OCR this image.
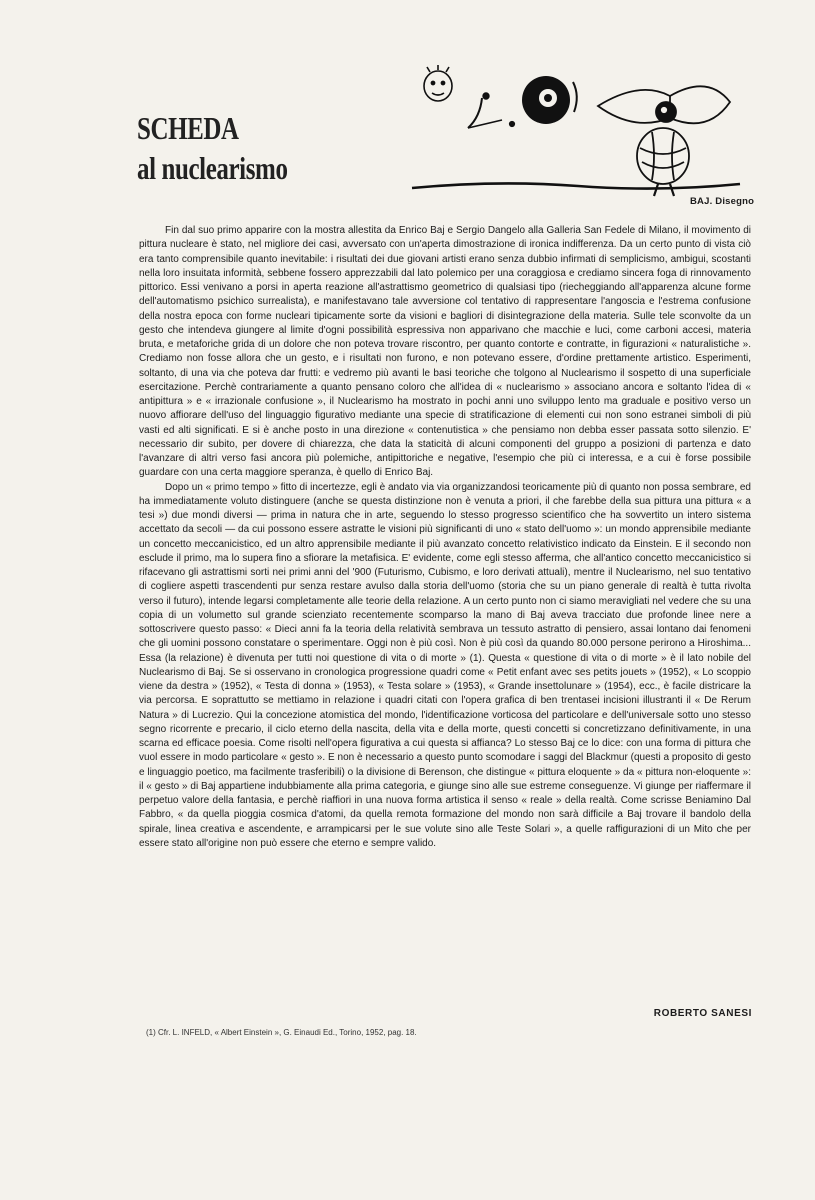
SCHEDA
al nuclearismo
BAJ. Disegno

Fin dal suo primo apparire con la mostra allestita da Enrico Baj e Sergio Dangelo alla Galleria San Fedele di Milano, il movimento di pittura nucleare è stato, nel migliore dei casi, avversato con un'aperta dimostrazione di ironica indifferenza. Da un certo punto di vista ciò era tanto comprensibile quanto inevitabile: i risultati dei due giovani artisti erano senza dubbio infirmati di semplicismo, ambigui, scostanti nella loro insuitata informità, sebbene fossero apprezzabili dal lato polemico per una coraggiosa e crediamo sincera foga di rinnovamento pittorico. Essi venivano a porsi in aperta reazione all'astrattismo geometrico di qualsiasi tipo (riecheggiando all'apparenza alcune forme dell'automatismo psichico surrealista), e manifestavano tale avversione col tentativo di rappresentare l'angoscia e l'estrema confusione della nostra epoca con forme nucleari tipicamente sorte da visioni e bagliori di disintegrazione della materia. Sulle tele sconvolte da un gesto che intendeva giungere al limite d'ogni possibilità espressiva non apparivano che macchie e luci, come carboni accesi, materia bruta, e metaforiche grida di un dolore che non poteva trovare riscontro, per quanto contorte e contratte, in figurazioni « naturalistiche ». Crediamo non fosse allora che un gesto, e i risultati non furono, e non potevano essere, d'ordine prettamente artistico. Esperimenti, soltanto, di una via che poteva dar frutti: e vedremo più avanti le basi teoriche che tolgono al Nuclearismo il sospetto di una superficiale esercitazione. Perchè contrariamente a quanto pensano coloro che all'idea di « nuclearismo » associano ancora e soltanto l'idea di « antipittura » e « irrazionale confusione », il Nuclearismo ha mostrato in pochi anni uno sviluppo lento ma graduale e positivo verso un nuovo affiorare dell'uso del linguaggio figurativo mediante una specie di stratificazione di elementi cui non sono estranei simboli di più vasti ed alti significati. E si è anche posto in una direzione « contenutistica » che pensiamo non debba esser passata sotto silenzio. E' necessario dir subito, per dovere di chiarezza, che data la staticità di alcuni componenti del gruppo a posizioni di partenza e dato l'avanzare di altri verso fasi ancora più polemiche, antipittoriche e negative, l'esempio che più ci interessa, e a cui è forse possibile guardare con una certa maggiore speranza, è quello di Enrico Baj.

Dopo un « primo tempo » fitto di incertezze, egli è andato via via organizzandosi teoricamente più di quanto non possa sembrare, ed ha immediatamente voluto distinguere (anche se questa distinzione non è venuta a priori, il che farebbe della sua pittura una pittura « a tesi ») due mondi diversi — prima in natura che in arte, seguendo lo stesso progresso scientifico che ha sovvertito un intero sistema accettato da secoli — da cui possono essere astratte le visioni più significanti di uno « stato dell'uomo »: un mondo apprensibile mediante un concetto meccanicistico, ed un altro apprensibile mediante il più avanzato concetto relativistico indicato da Einstein. E il secondo non esclude il primo, ma lo supera fino a sfiorare la metafisica. E' evidente, come egli stesso afferma, che all'antico concetto meccanicistico si rifacevano gli astrattismi sorti nei primi anni del '900 (Futurismo, Cubismo, e loro derivati attuali), mentre il Nuclearismo, nel suo tentativo di cogliere aspetti trascendenti pur senza restare avulso dalla storia dell'uomo (storia che su un piano generale di realtà è tutta rivolta verso il futuro), intende legarsi completamente alle teorie della relazione. A un certo punto non ci siamo meravigliati nel vedere che su una copia di un volumetto sul grande scienziato recentemente scomparso la mano di Baj aveva tracciato due profonde linee nere a sottoscrivere questo passo: « Dieci anni fa la teoria della relatività sembrava un tessuto astratto di pensiero, assai lontano dai fenomeni che gli uomini possono constatare o sperimentare. Oggi non è più così. Non è più così da quando 80.000 persone perirono a Hiroshima... Essa (la relazione) è divenuta per tutti noi questione di vita o di morte » (1). Questa « questione di vita o di morte » è il lato nobile del Nuclearismo di Baj. Se si osservano in cronologica progressione quadri come « Petit enfant avec ses petits jouets » (1952), « Lo scoppio viene da destra » (1952), « Testa di donna » (1953), « Testa solare » (1953), « Grande insettolunare » (1954), ecc., è facile districare la via percorsa. E soprattutto se mettiamo in relazione i quadri citati con l'opera grafica di ben trentasei incisioni illustranti il « De Rerum Natura » di Lucrezio. Qui la concezione atomistica del mondo, l'identificazione vorticosa del particolare e dell'universale sotto uno stesso segno ricorrente e precario, il ciclo eterno della nascita, della vita e della morte, questi concetti si concretizzano definitivamente, in una scarna ed efficace poesia. Come risolti nell'opera figurativa a cui questa si affianca? Lo stesso Baj ce lo dice: con una forma di pittura che vuol essere in modo particolare « gesto ». E non è necessario a questo punto scomodare i saggi del Blackmur (questi a proposito di gesto e linguaggio poetico, ma facilmente trasferibili) o la divisione di Berenson, che distingue « pittura eloquente » da « pittura non-eloquente »: il « gesto » di Baj appartiene indubbiamente alla prima categoria, e giunge sino alle sue estreme conseguenze. Vi giunge per riaffermare il perpetuo valore della fantasia, e perchè riaffiori in una nuova forma artistica il senso « reale » della realtà. Come scrisse Beniamino Dal Fabbro, « da quella pioggia cosmica d'atomi, da quella remota formazione del mondo non sarà difficile a Baj trovare il bandolo della spirale, linea creativa e ascendente, e arrampicarsi per le sue volute sino alle Teste Solari », a quelle raffigurazioni di un Mito che per essere stato all'origine non può essere che eterno e sempre valido.

ROBERTO SANESI
(1) Cfr. L. INFELD, « Albert Einstein », G. Einaudi Ed., Torino, 1952, pag. 18.
